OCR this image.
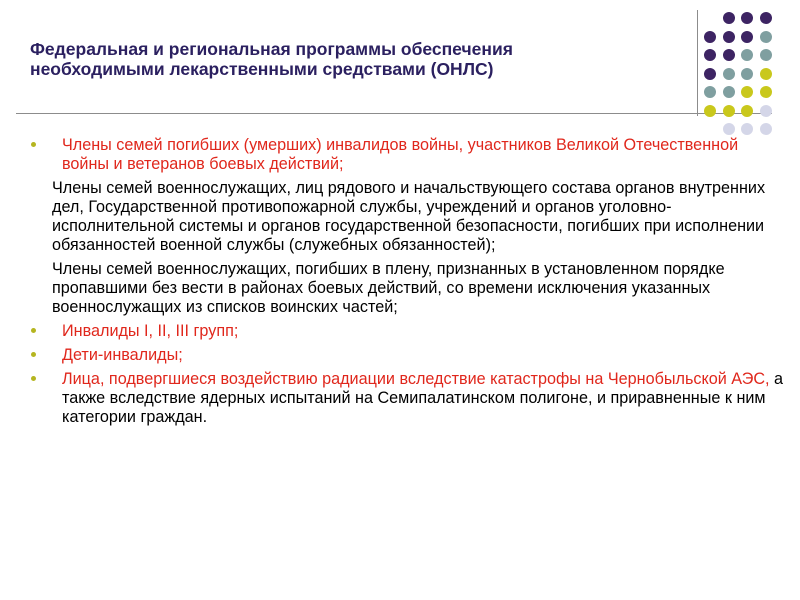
Федеральная и региональная программы обеспечения
необходимыми лекарственными средствами (ОНЛС)
Члены семей погибших (умерших) инвалидов войны, участников Великой Отечественной войны и ветеранов боевых действий;
Члены семей военнослужащих, лиц рядового и начальствующего состава органов внутренних дел, Государственной противопожарной службы, учреждений и органов уголовно-исполнительной системы и органов государственной безопасности, погибших при исполнении обязанностей военной службы (служебных обязанностей);
Члены семей военнослужащих, погибших в плену, признанных в установленном порядке пропавшими без вести в районах боевых действий, со времени исключения указанных военнослужащих из списков воинских частей;
Инвалиды I, II, III групп;
Дети-инвалиды;
Лица, подвергшиеся воздействию радиации вследствие катастрофы на Чернобыльской АЭС, а также вследствие ядерных испытаний на Семипалатинском полигоне, и приравненные к ним категории граждан.
